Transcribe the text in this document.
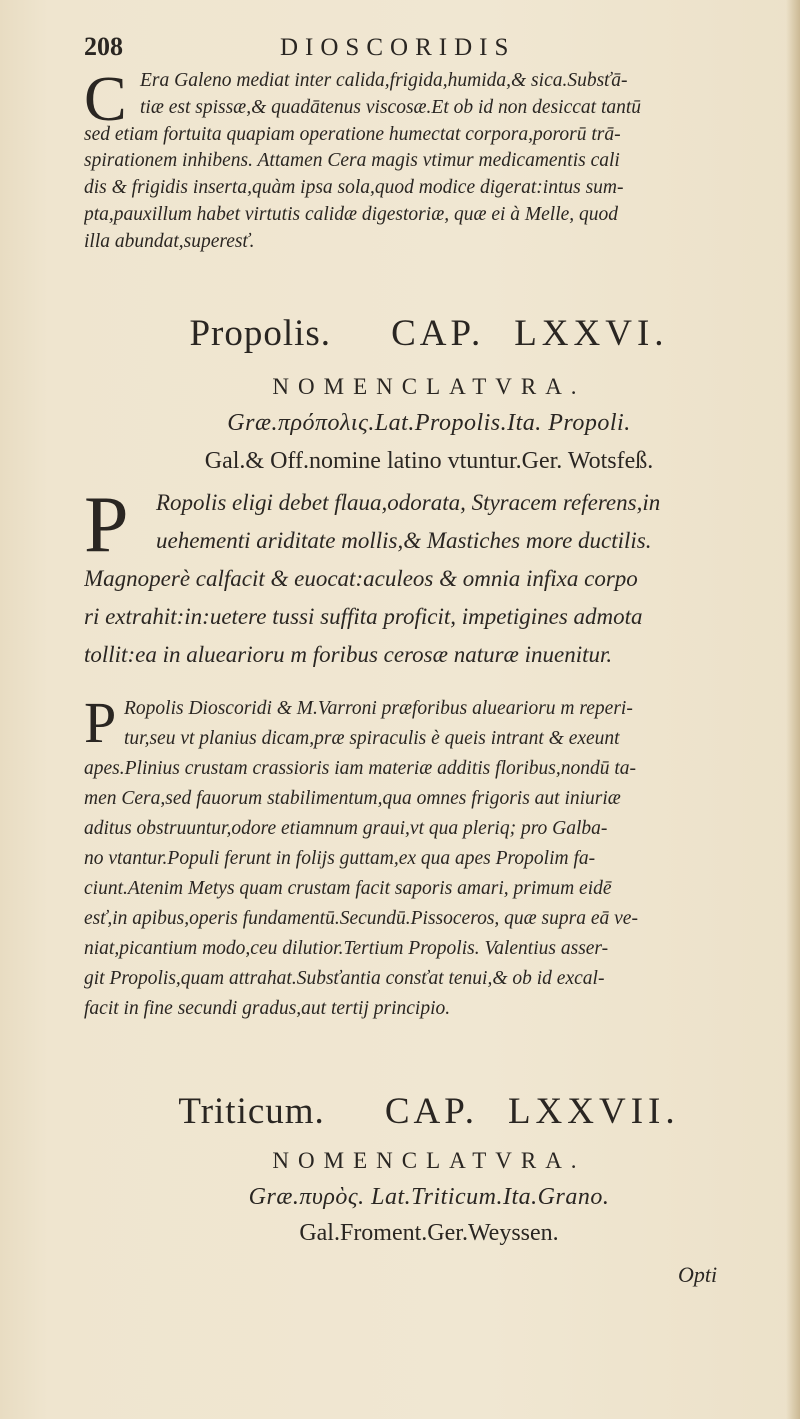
208	DIOSCORIDIS
C Era Galeno mediat inter calida,frigida,humida,& sica.Subsťā-
tiæ est spissæ,& quadātenus viscosæ.Et ob id non desiccat tantū
sed etiam fortuita quapiam operatione humectat corpora,pororū trā-
spirationem inhibens. Attamen Cera magis vtimur medicamentis cali
dis & frigidis inserta,quàm ipsa sola,quod modice digerat:intus sum-
pta,pauxillum habet virtutis calidæ digestoriæ, quæ ei à Melle, quod
illa abundat,superesť.
Propolis. CAP. LXXVI.
NOMENCLATVRA.
Græ.πρόπολις.Lat.Propolis.Ita. Propoli.
Gal.& Off.nomine latino vtuntur.Ger. Wotsfeß.
P	Ropolis eligi debet flaua,odorata, Styracem referens,in
uehementi ariditate mollis,& Mastiches more ductilis.
Magnoperè calfacit & euocat:aculeos & omnia infixa corpo
ri extrahit:in:uetere tussi suffita proficit, impetigines admota
tollit:ea in aluearioru m foribus cerosæ naturæ inuenitur.
P Ropolis Dioscoridi & M.Varroni præforibus aluearioru m reperi-
tur,seu vt planius dicam,præ spiraculis è queis intrant & exeunt
apes.Plinius crustam crassioris iam materiæ additis floribus,nondū ta-
men Cera,sed fauorum stabilimentum,qua omnes frigoris aut iniuriæ
aditus obstruuntur,odore etiamnum graui,vt qua pleriq; pro Galba-
no vtantur.Populi ferunt in folijs guttam,ex qua apes Propolim fa-
ciunt.Atenim Metys quam crustam facit saporis amari, primum eidē
esť,in apibus,operis fundamentū.Secundū.Pissoceros, quæ supra eā ve-
niat,picantium modo,ceu dilutior.Tertium Propolis. Valentius asser-
git Propolis,quam attrahat.Subsťantia consťat tenui,& ob id excal-
facit in fine secundi gradus,aut tertij principio.
Triticum. CAP. LXXVII.
NOMENCLATVRA.
Græ.πυρὸς. Lat.Triticum.Ita.Grano.
Gal.Froment.Ger.Weyssen.
Opti
